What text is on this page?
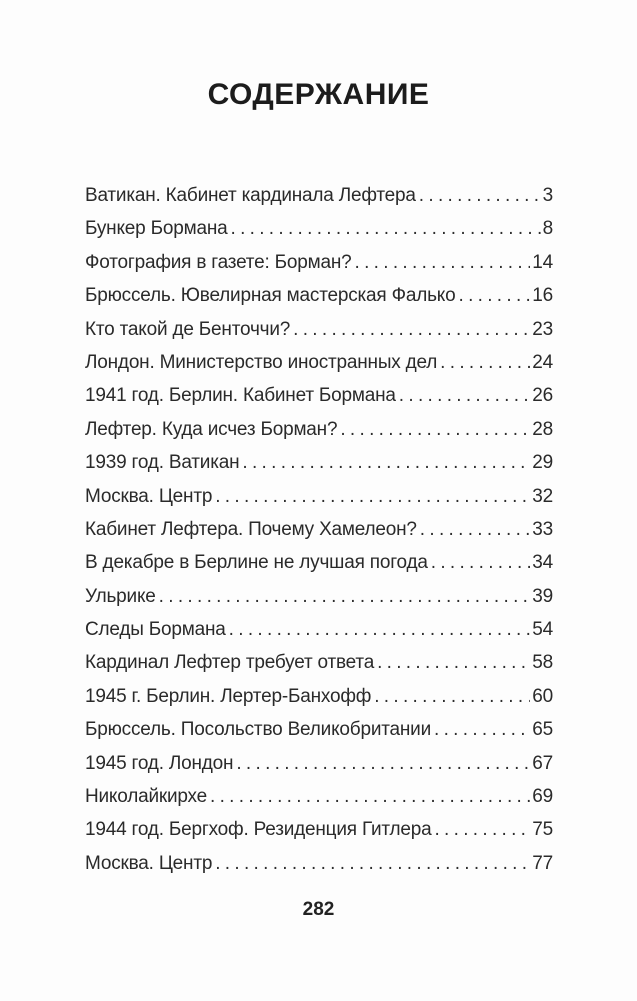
СОДЕРЖАНИЕ
Ватикан. Кабинет кардинала Лефтера .....	3
Бункер Бормана .....	8
Фотография в газете: Борман? .....	14
Брюссель. Ювелирная мастерская Фалько .....	16
Кто такой де Бенточчи? .....	23
Лондон. Министерство иностранных дел .....	24
1941 год. Берлин. Кабинет Бормана .....	26
Лефтер. Куда исчез Борман? .....	28
1939 год. Ватикан .....	29
Москва. Центр .....	32
Кабинет Лефтера. Почему Хамелеон? .....	33
В декабре в Берлине не лучшая погода .....	34
Ульрике .....	39
Следы Бормана .....	54
Кардинал Лефтер требует ответа .....	58
1945 г. Берлин. Лертер-Банхофф .....	60
Брюссель. Посольство Великобритании .....	65
1945 год. Лондон .....	67
Николайкирхе .....	69
1944 год. Бергхоф. Резиденция Гитлера .....	75
Москва. Центр .....	77
282
